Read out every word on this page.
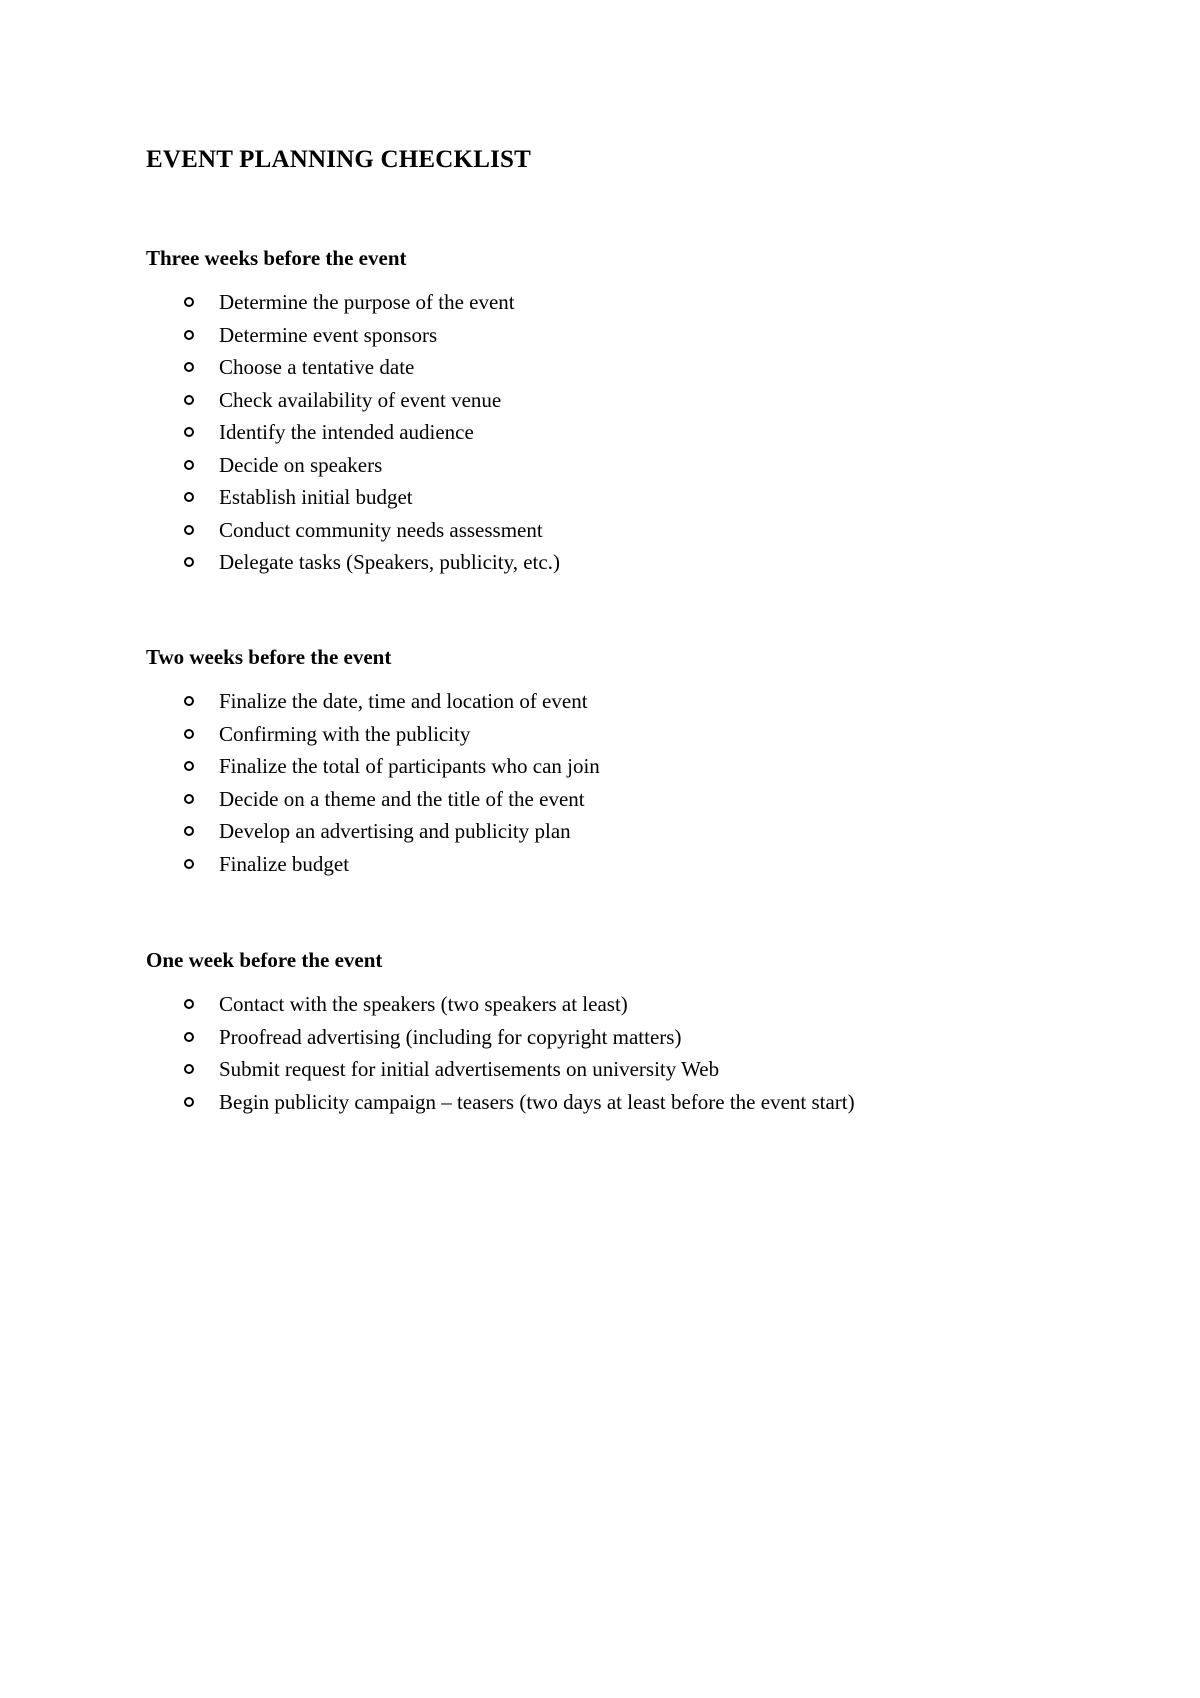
EVENT PLANNING CHECKLIST
Three weeks before the event
Determine the purpose of the event
Determine event sponsors
Choose a tentative date
Check availability of event venue
Identify the intended audience
Decide on speakers
Establish initial budget
Conduct community needs assessment
Delegate tasks (Speakers, publicity, etc.)
Two weeks before the event
Finalize the date, time and location of event
Confirming with the publicity
Finalize the total of participants who can join
Decide on a theme and the title of the event
Develop an advertising and publicity plan
Finalize budget
One week before the event
Contact with the speakers (two speakers at least)
Proofread advertising (including for copyright matters)
Submit request for initial advertisements on university Web
Begin publicity campaign – teasers (two days at least before the event start)
